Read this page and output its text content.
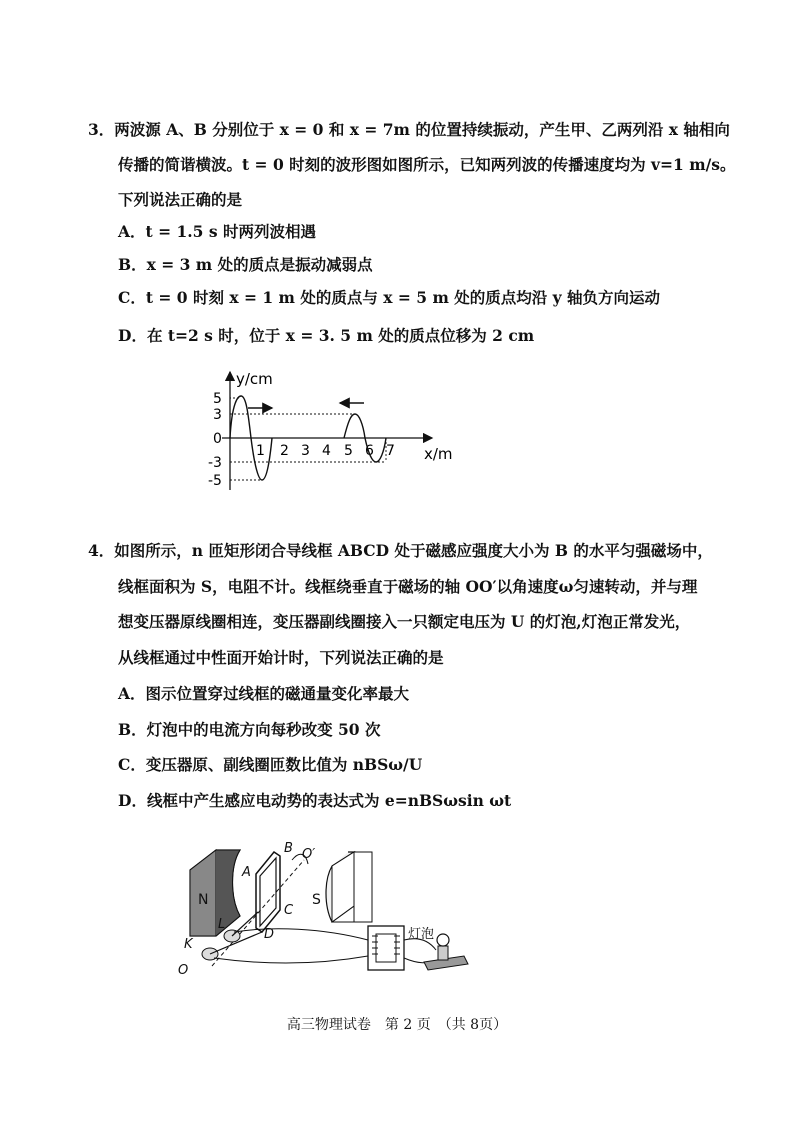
3．两波源 A、B 分别位于 x = 0 和 x = 7m 的位置持续振动，产生甲、乙两列沿 x 轴相向
传播的简谐横波。t = 0 时刻的波形图如图所示，已知两列波的传播速度均为 v=1 m/s。
下列说法正确的是
A．t = 1.5 s 时两列波相遇
B．x = 3 m 处的质点是振动减弱点
C．t = 0 时刻 x = 1 m 处的质点与 x = 5 m 处的质点均沿 y 轴负方向运动
D．在 t=2 s 时，位于 x = 3. 5 m 处的质点位移为 2 cm
y/cm
5
3
0
-3
-5
1 2 3 4 5 6 7 x/m
4．如图所示，n 匝矩形闭合导线框 ABCD 处于磁感应强度大小为 B 的水平匀强磁场中，
线框面积为 S，电阻不计。线框绕垂直于磁场的轴 OO′以角速度ω匀速转动，并与理
想变压器原线圈相连，变压器副线圈接入一只额定电压为 U 的灯泡,灯泡正常发光，
从线框通过中性面开始计时，下列说法正确的是
A．图示位置穿过线框的磁通量变化率最大
B．灯泡中的电流方向每秒改变 50 次
C．变压器原、副线圈匝数比值为 nBSω/U
D．线框中产生感应电动势的表达式为 e=nBSωsin ωt
N	S
A
B
C
D
L
K
O
O′
灯泡
高三物理试卷　第 2 页　（共 8页）
